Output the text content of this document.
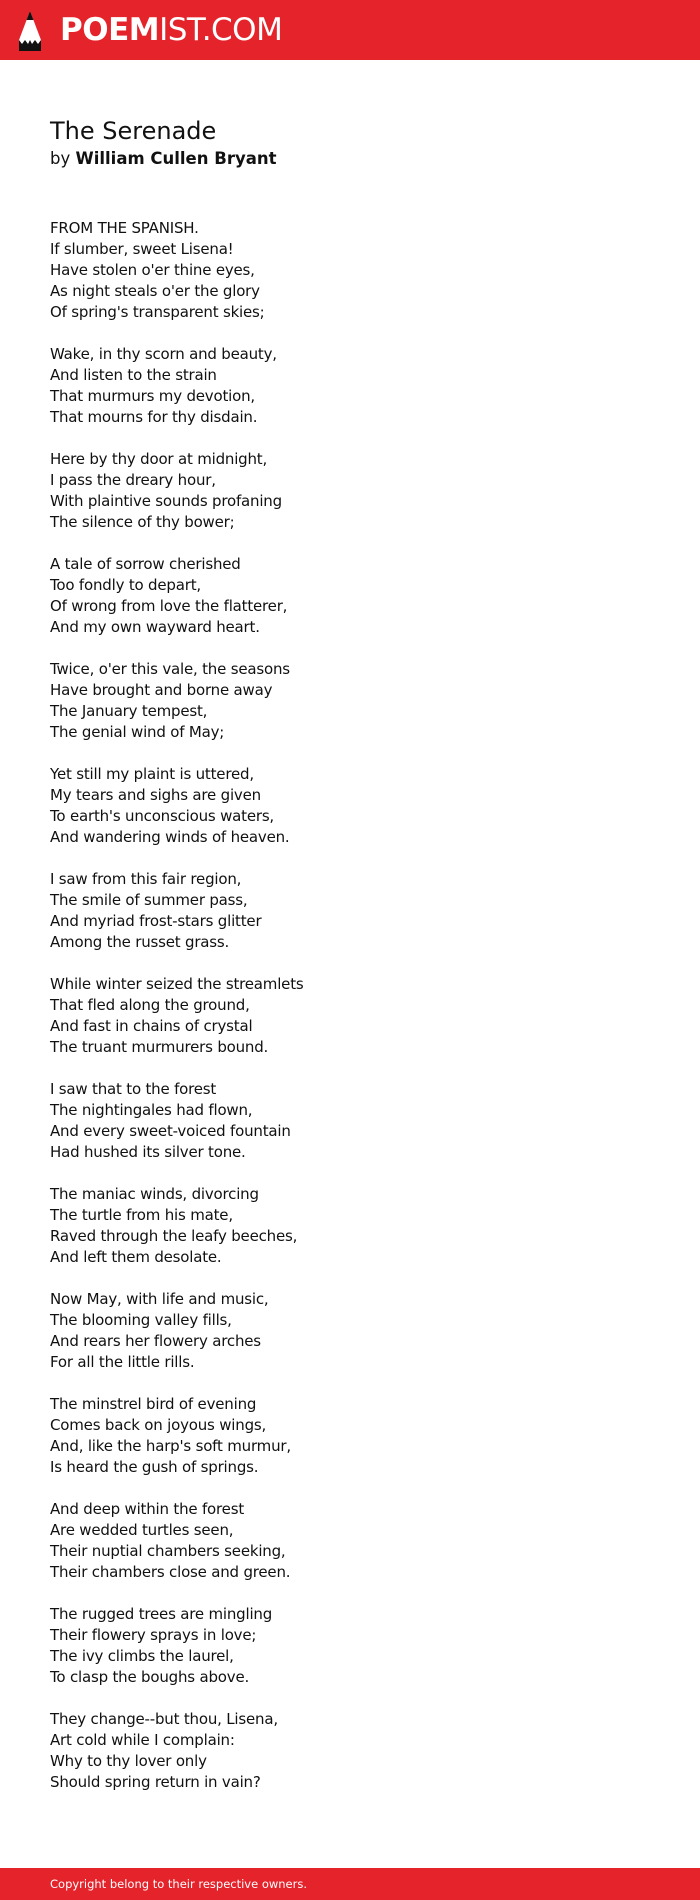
POEMIST.COM
The Serenade
by William Cullen Bryant
FROM THE SPANISH.
If slumber, sweet Lisena!
Have stolen o'er thine eyes,
As night steals o'er the glory
Of spring's transparent skies;
Wake, in thy scorn and beauty,
And listen to the strain
That murmurs my devotion,
That mourns for thy disdain.
Here by thy door at midnight,
I pass the dreary hour,
With plaintive sounds profaning
The silence of thy bower;
A tale of sorrow cherished
Too fondly to depart,
Of wrong from love the flatterer,
And my own wayward heart.
Twice, o'er this vale, the seasons
Have brought and borne away
The January tempest,
The genial wind of May;
Yet still my plaint is uttered,
My tears and sighs are given
To earth's unconscious waters,
And wandering winds of heaven.
I saw from this fair region,
The smile of summer pass,
And myriad frost-stars glitter
Among the russet grass.
While winter seized the streamlets
That fled along the ground,
And fast in chains of crystal
The truant murmurers bound.
I saw that to the forest
The nightingales had flown,
And every sweet-voiced fountain
Had hushed its silver tone.
The maniac winds, divorcing
The turtle from his mate,
Raved through the leafy beeches,
And left them desolate.
Now May, with life and music,
The blooming valley fills,
And rears her flowery arches
For all the little rills.
The minstrel bird of evening
Comes back on joyous wings,
And, like the harp's soft murmur,
Is heard the gush of springs.
And deep within the forest
Are wedded turtles seen,
Their nuptial chambers seeking,
Their chambers close and green.
The rugged trees are mingling
Their flowery sprays in love;
The ivy climbs the laurel,
To clasp the boughs above.
They change--but thou, Lisena,
Art cold while I complain:
Why to thy lover only
Should spring return in vain?
Copyright belong to their respective owners.
